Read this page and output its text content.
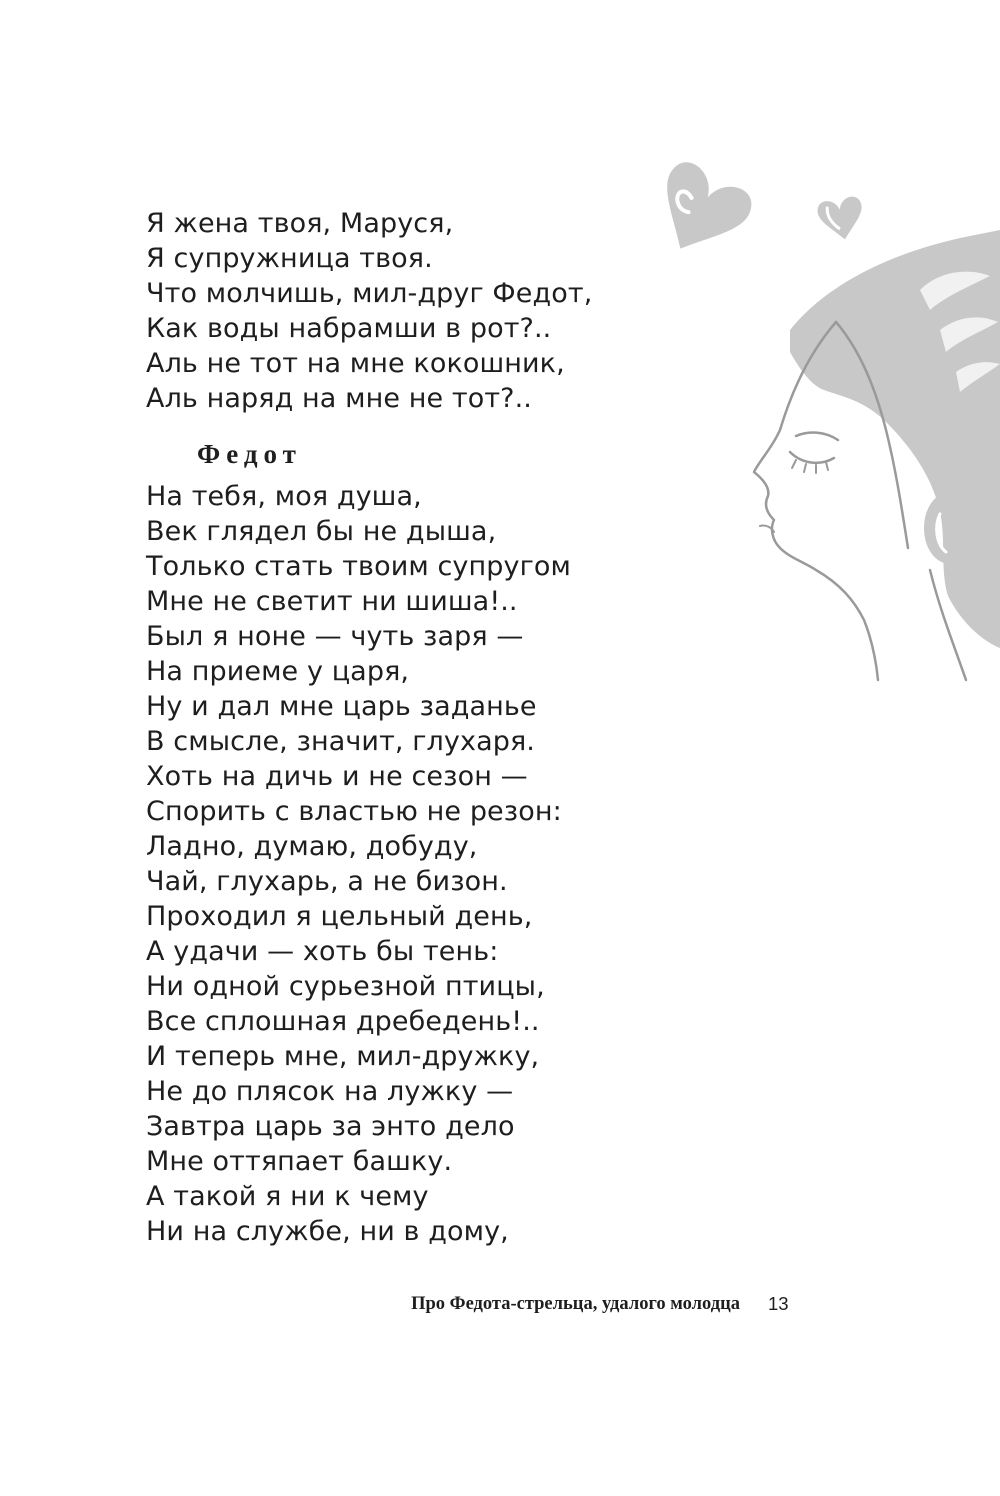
Я жена твоя, Маруся,
Я супружница твоя.
Что молчишь, мил-друг Федот,
Как воды набрамши в рот?..
Аль не тот на мне кокошник,
Аль наряд на мне не тот?..
Федот
На тебя, моя душа,
Век глядел бы не дыша,
Только стать твоим супругом
Мне не светит ни шиша!..
Был я ноне — чуть заря —
На приеме у царя,
Ну и дал мне царь заданье
В смысле, значит, глухаря.
Хоть на дичь и не сезон —
Спорить с властью не резон:
Ладно, думаю, добуду,
Чай, глухарь, а не бизон.
Проходил я цельный день,
А удачи — хоть бы тень:
Ни одной сурьезной птицы,
Все сплошная дребедень!..
И теперь мне, мил-дружку,
Не до плясок на лужку —
Завтра царь за энто дело
Мне оттяпает башку.
А такой я ни к чему
Ни на службе, ни в дому,
Про Федота-стрельца, удалого молодца 13
